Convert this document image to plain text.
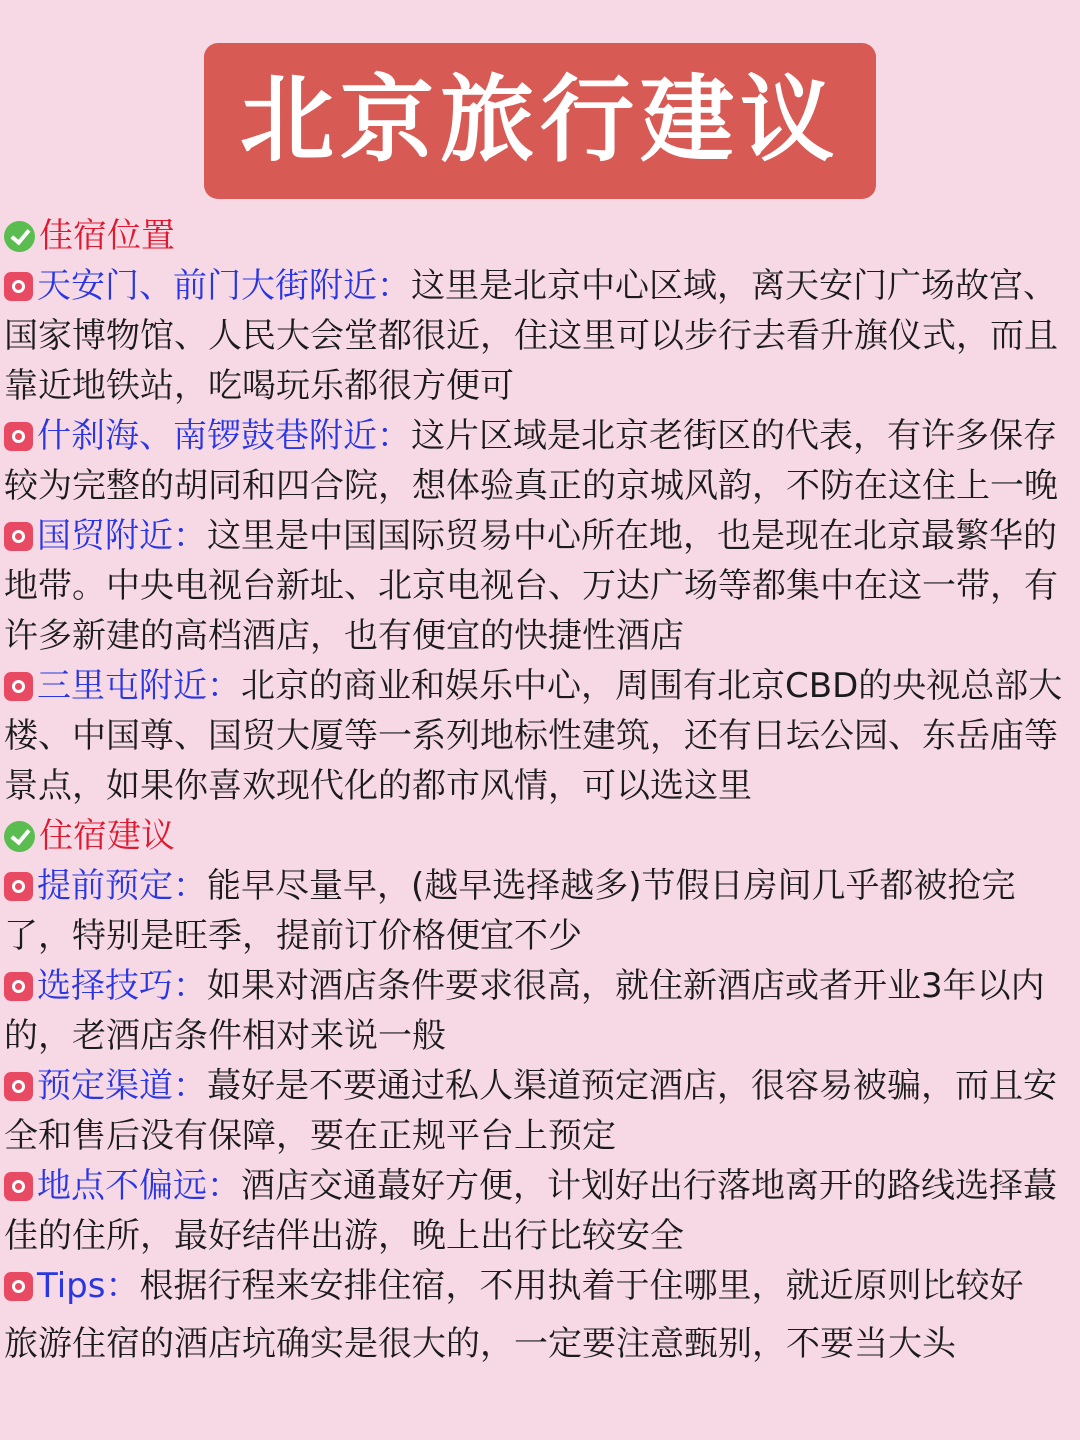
北京旅行建议
佳宿位置

天安门、前门大街附近：这里是北京中心区域，离天安门广场故宫、国家博物馆、人民大会堂都很近，住这里可以步行去看升旗仪式，而且靠近地铁站，吃喝玩乐都很方便可

什刹海、南锣鼓巷附近：这片区域是北京老街区的代表，有许多保存较为完整的胡同和四合院，想体验真正的京城风韵，不防在这住上一晚

国贸附近：这里是中国国际贸易中心所在地，也是现在北京最繁华的地带。中央电视台新址、北京电视台、万达广场等都集中在这一带，有许多新建的高档酒店，也有便宜的快捷性酒店

三里屯附近：北京的商业和娱乐中心，周围有北京CBD的央视总部大楼、中国尊、国贸大厦等一系列地标性建筑，还有日坛公园、东岳庙等景点，如果你喜欢现代化的都市风情，可以选这里

住宿建议

提前预定：能早尽量早，(越早选择越多)节假日房间几乎都被抢完了，特别是旺季，提前订价格便宜不少

选择技巧：如果对酒店条件要求很高，就住新酒店或者开业3年以内的，老酒店条件相对来说一般

预定渠道：蕞好是不要通过私人渠道预定酒店，很容易被骗，而且安全和售后没有保障，要在正规平台上预定

地点不偏远：酒店交通蕞好方便，计划好出行落地离开的路线选择蕞佳的住所，最好结伴出游，晚上出行比较安全

Tips：根据行程来安排住宿，不用执着于住哪里，就近原则比较好

旅游住宿的酒店坑确实是很大的，一定要注意甄别，不要当大头
